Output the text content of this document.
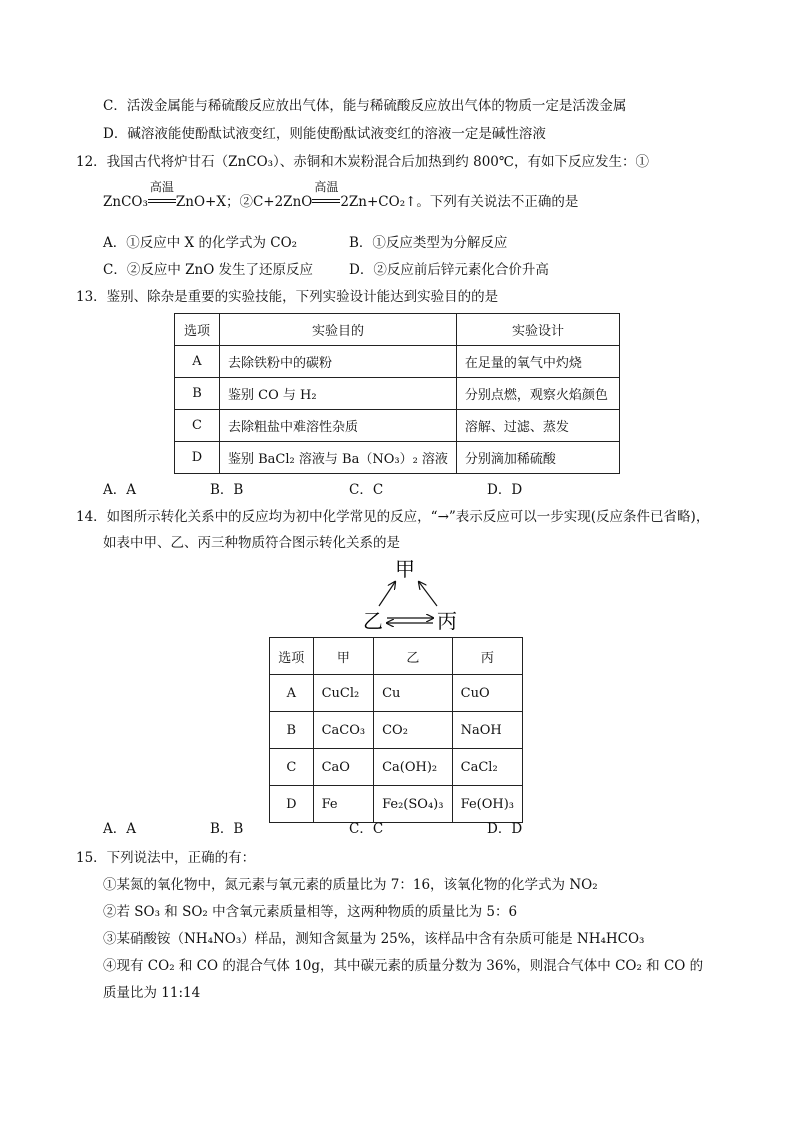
C．活泼金属能与稀硫酸反应放出气体，能与稀硫酸反应放出气体的物质一定是活泼金属
D．碱溶液能使酚酞试液变红，则能使酚酞试液变红的溶液一定是碱性溶液
12．我国古代将炉甘石（ZnCO₃）、赤铜和木炭粉混合后加热到约 800℃，有如下反应发生：①
ZnCO₃
高温
ZnO+X；②C+2ZnO
高温
2Zn+CO₂↑。下列有关说法不正确的是
A．①反应中 X 的化学式为 CO₂	B．①反应类型为分解反应
C．②反应中 ZnO 发生了还原反应	D．②反应前后锌元素化合价升高
13．鉴别、除杂是重要的实验技能，下列实验设计能达到实验目的的是
选项	实验目的	实验设计
A	去除铁粉中的碳粉	在足量的氧气中灼烧
B	鉴别 CO 与 H₂	分别点燃，观察火焰颜色
C	去除粗盐中难溶性杂质	溶解、过滤、蒸发
D	鉴别 BaCl₂ 溶液与 Ba（NO₃）₂ 溶液	分别滴加稀硫酸
A．A	B．B	C．C	D．D
14．如图所示转化关系中的反应均为初中化学常见的反应，“→”表示反应可以一步实现(反应条件已省略)，
如表中甲、乙、丙三种物质符合图示转化关系的是
甲
乙	丙
选项	甲	乙	丙
A	CuCl₂	Cu	CuO
B	CaCO₃	CO₂	NaOH
C	CaO	Ca(OH)₂	CaCl₂
D	Fe	Fe₂(SO₄)₃	Fe(OH)₃
A．A	B．B	C．C	D．D
15．下列说法中，正确的有：
①某氮的氧化物中，氮元素与氧元素的质量比为 7：16，该氧化物的化学式为 NO₂
②若 SO₃ 和 SO₂ 中含氧元素质量相等，这两种物质的质量比为 5：6
③某硝酸铵（NH₄NO₃）样品，测知含氮量为 25%，该样品中含有杂质可能是 NH₄HCO₃
④现有 CO₂ 和 CO 的混合气体 10g，其中碳元素的质量分数为 36%，则混合气体中 CO₂ 和 CO 的
质量比为 11:14
